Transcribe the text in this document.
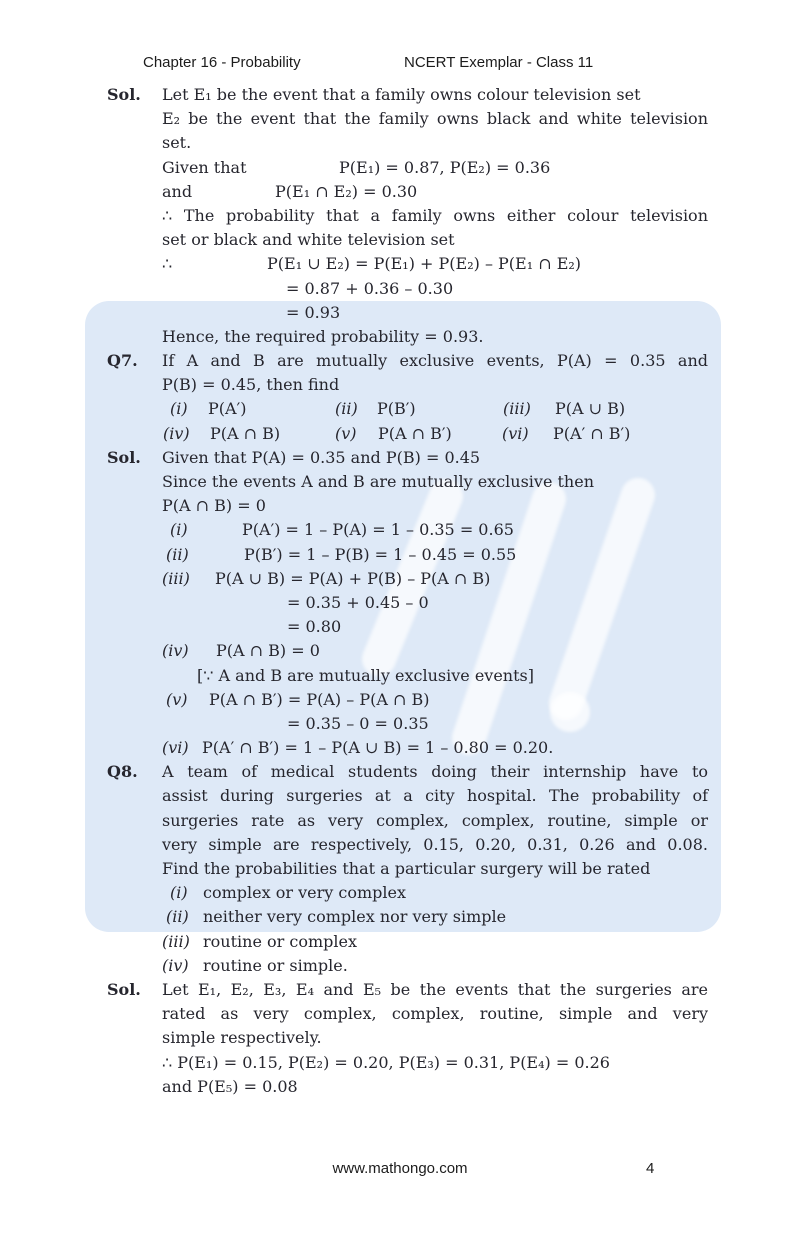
Chapter 16 - Probability	NCERT Exemplar - Class 11
Sol.	Let E₁ be the event that a family owns colour television set
E₂ be the event that the family owns black and white television
set.
Given that	P(E₁) = 0.87, P(E₂) = 0.36
and	P(E₁ ∩ E₂) = 0.30
∴ The probability that a family owns either colour television
set or black and white television set
∴	P(E₁ ∪ E₂) = P(E₁) + P(E₂) – P(E₁ ∩ E₂)
= 0.87 + 0.36 – 0.30
= 0.93
Hence, the required probability = 0.93.
Q7.	If A and B are mutually exclusive events, P(A) = 0.35 and
P(B) = 0.45, then find
(i) P(A′)	(ii) P(B′)	(iii) P(A ∪ B)
(iv) P(A ∩ B)	(v) P(A ∩ B′)	(vi) P(A′ ∩ B′)
Sol.	Given that P(A) = 0.35 and P(B) = 0.45
Since the events A and B are mutually exclusive then
P(A ∩ B) = 0
(i)	P(A′) = 1 – P(A) = 1 – 0.35 = 0.65
(ii)	P(B′) = 1 – P(B) = 1 – 0.45 = 0.55
(iii) P(A ∪ B) = P(A) + P(B) – P(A ∩ B)
= 0.35 + 0.45 – 0
= 0.80
(iv) P(A ∩ B) = 0
[∵ A and B are mutually exclusive events]
(v) P(A ∩ B′) = P(A) – P(A ∩ B)
= 0.35 – 0 = 0.35
(vi) P(A′ ∩ B′) = 1 – P(A ∪ B) = 1 – 0.80 = 0.20.
Q8.	A team of medical students doing their internship have to
assist during surgeries at a city hospital. The probability of
surgeries rate as very complex, complex, routine, simple or
very simple are respectively, 0.15, 0.20, 0.31, 0.26 and 0.08.
Find the probabilities that a particular surgery will be rated
(i) complex or very complex
(ii) neither very complex nor very simple
(iii) routine or complex
(iv) routine or simple.
Sol.	Let E₁, E₂, E₃, E₄ and E₅ be the events that the surgeries are
rated as very complex, complex, routine, simple and very
simple respectively.
∴ P(E₁) = 0.15, P(E₂) = 0.20, P(E₃) = 0.31, P(E₄) = 0.26
and P(E₅) = 0.08
www.mathongo.com	4
